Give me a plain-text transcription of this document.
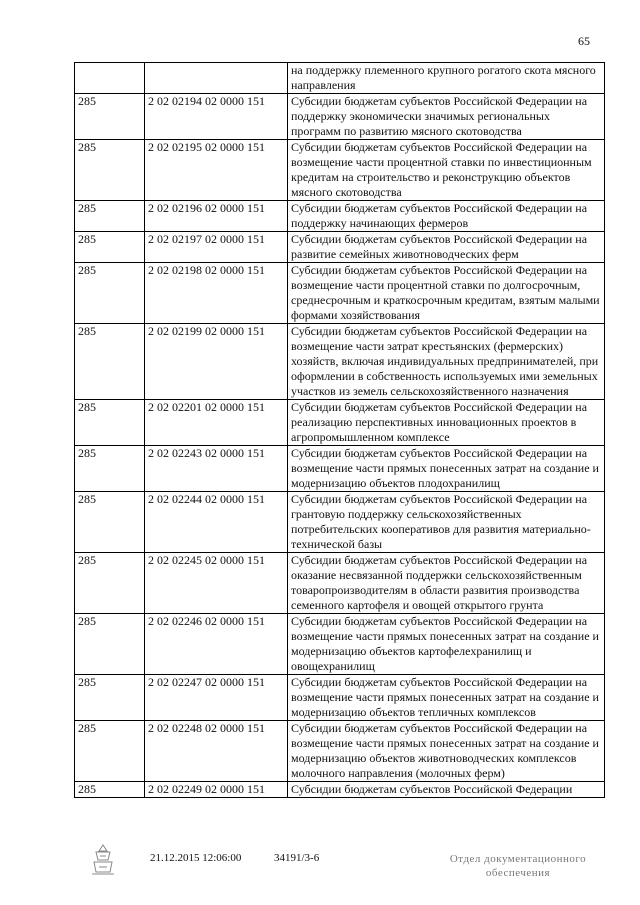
65
		на поддержку племенного крупного рогатого скота мясного направления
285	2 02 02194 02 0000 151	Субсидии бюджетам субъектов Российской Федерации на поддержку экономически значимых региональных программ по развитию мясного скотоводства
285	2 02 02195 02 0000 151	Субсидии бюджетам субъектов Российской Федерации на возмещение части процентной ставки по инвестиционным кредитам на строительство и реконструкцию объектов мясного скотоводства
285	2 02 02196 02 0000 151	Субсидии бюджетам субъектов Российской Федерации на поддержку начинающих фермеров
285	2 02 02197 02 0000 151	Субсидии бюджетам субъектов Российской Федерации на развитие семейных животноводческих ферм
285	2 02 02198 02 0000 151	Субсидии бюджетам субъектов Российской Федерации на возмещение части процентной ставки по долгосрочным, среднесрочным и краткосрочным кредитам, взятым малыми формами хозяйствования
285	2 02 02199 02 0000 151	Субсидии бюджетам субъектов Российской Федерации на возмещение части затрат крестьянских (фермерских) хозяйств, включая индивидуальных предпринимателей, при оформлении в собственность используемых ими земельных участков из земель сельскохозяйственного назначения
285	2 02 02201 02 0000 151	Субсидии бюджетам субъектов Российской Федерации на реализацию перспективных инновационных проектов в агропромышленном комплексе
285	2 02 02243 02 0000 151	Субсидии бюджетам субъектов Российской Федерации на возмещение части прямых понесенных затрат на создание и модернизацию объектов плодохранилищ
285	2 02 02244 02 0000 151	Субсидии бюджетам субъектов Российской Федерации на грантовую поддержку сельскохозяйственных потребительских кооперативов для развития материально-технической базы
285	2 02 02245 02 0000 151	Субсидии бюджетам субъектов Российской Федерации на оказание несвязанной поддержки сельскохозяйственным товаропроизводителям в области развития производства семенного картофеля и овощей открытого грунта
285	2 02 02246 02 0000 151	Субсидии бюджетам субъектов Российской Федерации на возмещение части прямых понесенных затрат на создание и модернизацию объектов картофелехранилищ и овощехранилищ
285	2 02 02247 02 0000 151	Субсидии бюджетам субъектов Российской Федерации на возмещение части прямых понесенных затрат на создание и модернизацию объектов тепличных комплексов
285	2 02 02248 02 0000 151	Субсидии бюджетам субъектов Российской Федерации на возмещение части прямых понесенных затрат на создание и модернизацию объектов животноводческих комплексов молочного направления (молочных ферм)
285	2 02 02249 02 0000 151	Субсидии бюджетам субъектов Российской Федерации
21.12.2015 12:06:00	34191/3-6	Отдел документационного
обеспечения
